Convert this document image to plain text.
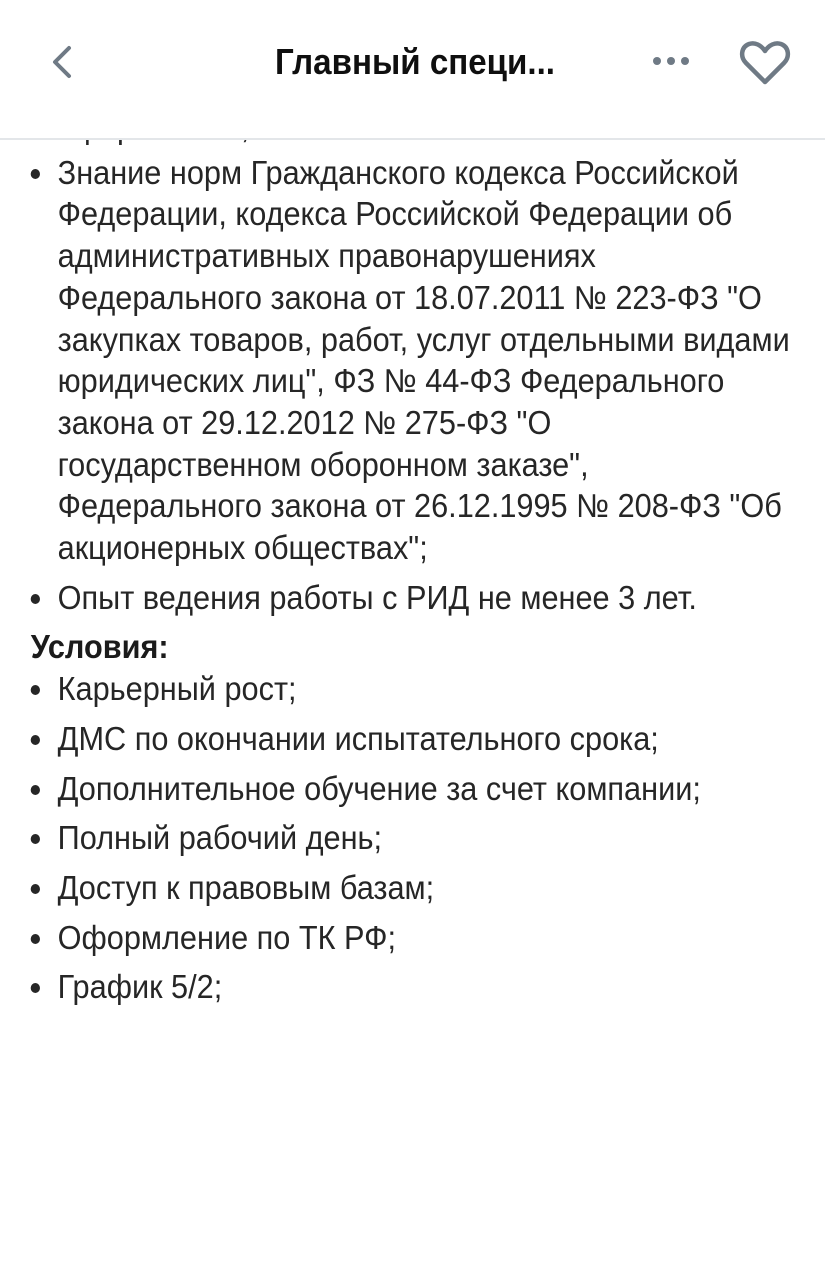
Главный специ...
Знание норм Гражданского кодекса Российской Федерации, кодекса Российской Федерации об административных правонарушениях Федерального закона от 18.07.2011 № 223-ФЗ "О закупках товаров, работ, услуг отдельными видами юридических лиц", ФЗ № 44-ФЗ Федерального закона от 29.12.2012 № 275-ФЗ "О государственном оборонном заказе", Федерального закона от 26.12.1995 № 208-ФЗ "Об акционерных обществах";
Опыт ведения работы с РИД не менее 3 лет.
Условия:
Карьерный рост;
ДМС по окончании испытательного срока;
Дополнительное обучение за счет компании;
Полный рабочий день;
Доступ к правовым базам;
Оформление по ТК РФ;
График 5/2;
